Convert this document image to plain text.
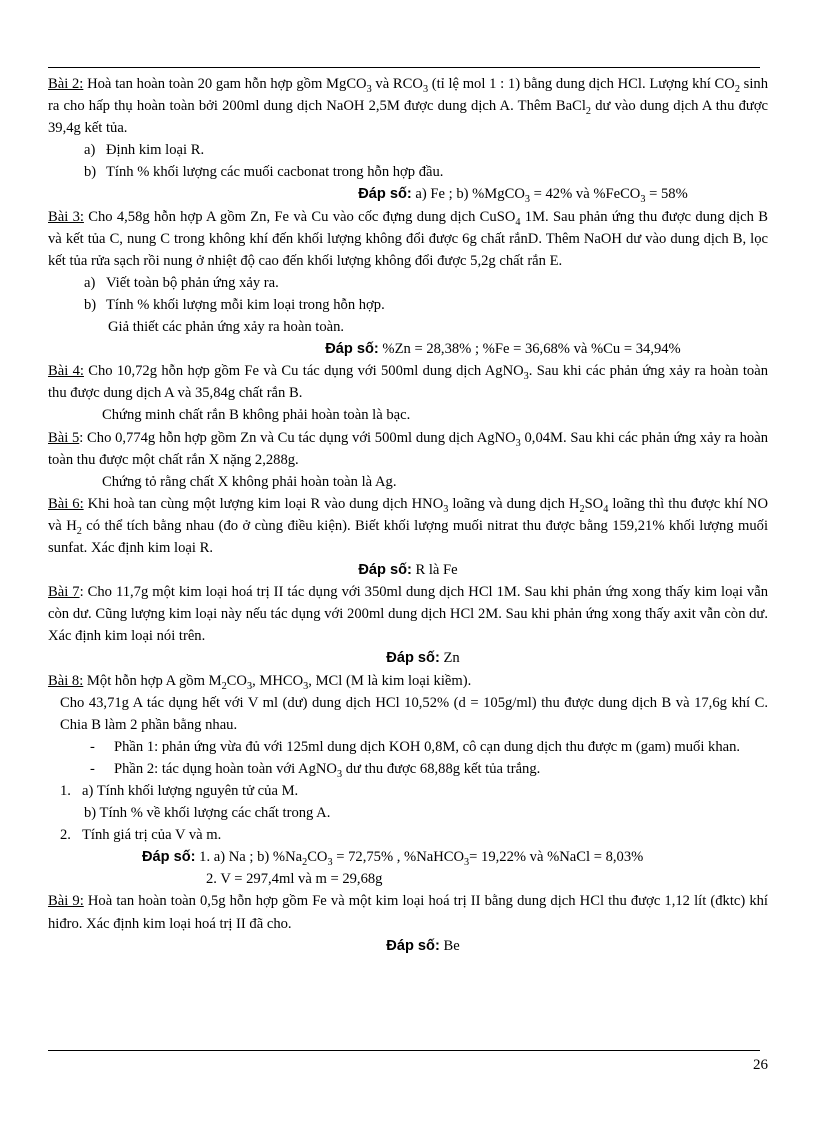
Bài 2: Hoà tan hoàn toàn 20 gam hỗn hợp gồm MgCO$_3$ và $RCO_3$ (tỉ lệ mol 1 : 1) bằng dung dịch HCl. Lượng khí $CO_2$ sinh ra cho hấp thụ hoàn toàn bởi 200ml dung dịch NaOH 2,5M được dung dịch A. Thêm BaCl$_2$ dư vào dung dịch A thu được 39,4g kết tủa.

a) Định kim loại R.
b) Tính % khối lượng các muối cacbonat trong hỗn hợp đầu.

Đáp số: a) Fe ; b) %MgCO$_3$ = 42% và %FeCO$_3$ = 58%

Bài 3: Cho 4,58g hỗn hợp A gồm Zn, Fe và Cu vào cốc đựng dung dịch CuSO$_4$ 1M. Sau phản ứng thu được dung dịch B và kết tủa C, nung C trong không khí đến khối lượng không đổi được 6g chất rắnD. Thêm NaOH dư vào dung dịch B, lọc kết tủa rửa sạch rồi nung ở nhiệt độ cao đến khối lượng không đổi được 5,2g chất rắn E.

a) Viết toàn bộ phản ứng xảy ra.
b) Tính % khối lượng mỗi kim loại trong hỗn hợp.

Giả thiết các phản ứng xảy ra hoàn toàn.

Đáp số: %Zn = 28,38% ; %Fe = 36,68% và %Cu = 34,94%

Bài 4: Cho 10,72g hỗn hợp gồm Fe và Cu tác dụng với 500ml dung dịch AgNO$_3$. Sau khi các phản ứng xảy ra hoàn toàn thu được dung dịch A và 35,84g chất rắn B.

Chứng minh chất rắn B không phải hoàn toàn là bạc.

Bài 5: Cho 0,774g hỗn hợp gồm Zn và Cu tác dụng với 500ml dung dịch AgNO$_3$ 0,04M. Sau khi các phản ứng xảy ra hoàn toàn thu được một chất rắn X nặng 2,288g.

Chứng tỏ rằng chất X không phải hoàn toàn là Ag.

Bài 6: Khi hoà tan cùng một lượng kim loại R vào dung dịch $HNO_3$ loãng và dung dịch $H_2SO_4$ loãng thì thu được khí NO và $H_2$ có thể tích bằng nhau (đo ở cùng điều kiện). Biết khối lượng muối nitrat thu được bằng 159,21% khối lượng muối sunfat. Xác định kim loại R.

Đáp số: R là Fe

Bài 7: Cho 11,7g một kim loại hoá trị II tác dụng với 350ml dung dịch HCl 1M. Sau khi phản ứng xong thấy kim loại vẫn còn dư. Cũng lượng kim loại này nếu tác dụng với 200ml dung dịch HCl 2M. Sau khi phản ứng xong thấy axit vẫn còn dư. Xác định kim loại nói trên.

Đáp số: Zn

Bài 8: Một hỗn hợp A gồm $M_2CO_3$, $MHCO_3$, MCl (M là kim loại kiềm).

Cho 43,71g A tác dụng hết với V ml (dư) dung dịch HCl 10,52% (d = 105g/ml) thu được dung dịch B và 17,6g khí C. Chia B làm 2 phần bằng nhau.

-	Phần 1: phản ứng vừa đủ với 125ml dung dịch KOH 0,8M, cô cạn dung dịch thu được m (gam) muối khan.
-	Phần 2: tác dụng hoàn toàn với AgNO$_3$ dư thu được 68,88g kết tủa trắng.
1. a) Tính khối lượng nguyên tử của M.

b) Tính % về khối lượng các chất trong A.

2. Tính giá trị của V và m.

Đáp số: 1. a) Na ; b) $\%Na_2CO_3 = 72,75\%$ , %NaHCO$_3$= 19,22% và %NaCl = 8,03%

2. V = 297,4ml và m = 29,68g

Bài 9: Hoà tan hoàn toàn 0,5g hỗn hợp gồm Fe và một kim loại hoá trị II bằng dung dịch HCl thu được 1,12 lít (đktc) khí hiđro. Xác định kim loại hoá trị II đã cho.

Đáp số: Be

26
